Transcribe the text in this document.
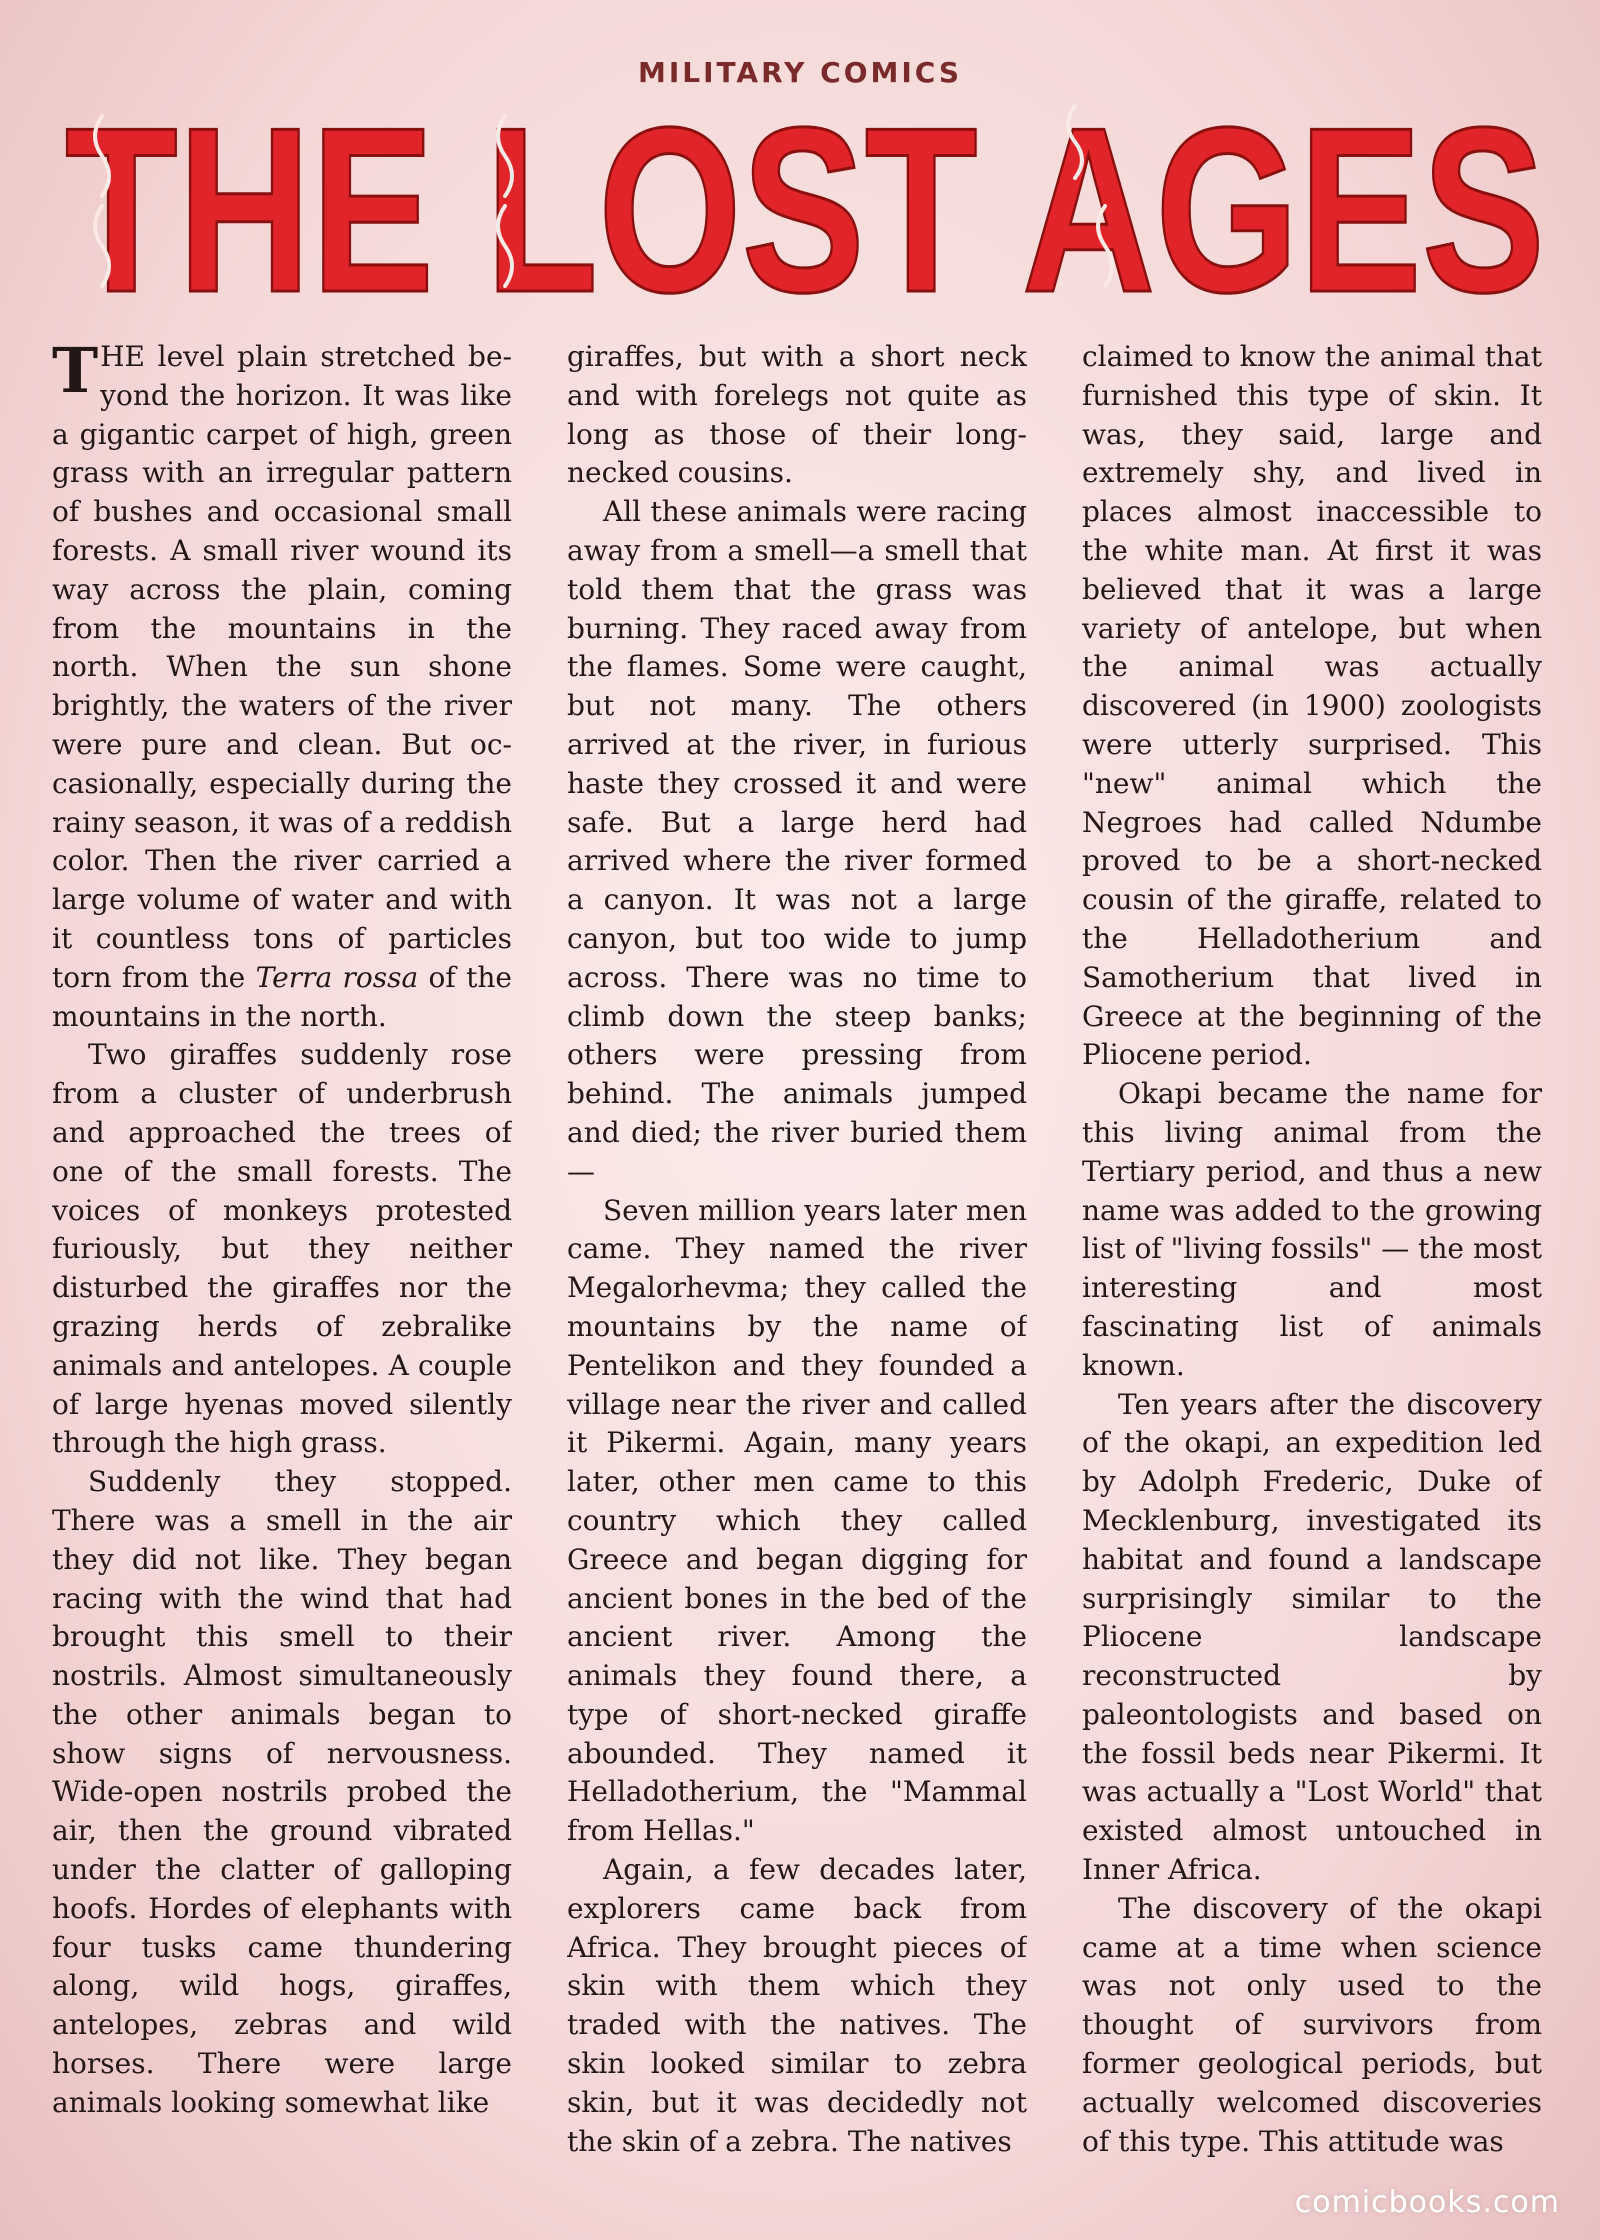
MILITARY COMICS
THE LOST AGES

THE level plain stretched beyond the horizon. It was like a gigantic carpet of high, green grass with an irregular pattern of bushes and occasional small forests. A small river wound its way across the plain, coming from the mountains in the north. When the sun shone brightly, the waters of the river were pure and clean. But occasionally, especially during the rainy season, it was of a reddish color. Then the river carried a large volume of water and with it countless tons of particles torn from the Terra rossa of the mountains in the north.

Two giraffes suddenly rose from a cluster of underbrush and approached the trees of one of the small forests. The voices of monkeys protested furiously, but they neither disturbed the giraffes nor the grazing herds of zebralike animals and antelopes. A couple of large hyenas moved silently through the high grass.

Suddenly they stopped. There was a smell in the air they did not like. They began racing with the wind that had brought this smell to their nostrils. Almost simultaneously the other animals began to show signs of nervousness. Wide-open nostrils probed the air, then the ground vibrated under the clatter of galloping hoofs. Hordes of elephants with four tusks came thundering along, wild hogs, giraffes, antelopes, zebras and wild horses. There were large animals looking somewhat like

giraffes, but with a short neck and with forelegs not quite as long as those of their long-necked cousins.

All these animals were racing away from a smell—a smell that told them that the grass was burning. They raced away from the flames. Some were caught, but not many. The others arrived at the river, in furious haste they crossed it and were safe. But a large herd had arrived where the river formed a canyon. It was not a large canyon, but too wide to jump across. There was no time to climb down the steep banks; others were pressing from behind. The animals jumped and died; the river buried them—

Seven million years later men came. They named the river Megalorhevma; they called the mountains by the name of Pentelikon and they founded a village near the river and called it Pikermi. Again, many years later, other men came to this country which they called Greece and began digging for ancient bones in the bed of the ancient river. Among the animals they found there, a type of short-necked giraffe abounded. They named it Helladotherium, the "Mammal from Hellas."

Again, a few decades later, explorers came back from Africa. They brought pieces of skin with them which they traded with the natives. The skin looked similar to zebra skin, but it was decidedly not the skin of a zebra. The natives

claimed to know the animal that furnished this type of skin. It was, they said, large and extremely shy, and lived in places almost inaccessible to the white man. At first it was believed that it was a large variety of antelope, but when the animal was actually discovered (in 1900) zoologists were utterly surprised. This "new" animal which the Negroes had called Ndumbe proved to be a short-necked cousin of the giraffe, related to the Helladotherium and Samotherium that lived in Greece at the beginning of the Pliocene period.

Okapi became the name for this living animal from the Tertiary period, and thus a new name was added to the growing list of "living fossils" — the most interesting and most fascinating list of animals known.

Ten years after the discovery of the okapi, an expedition led by Adolph Frederic, Duke of Mecklenburg, investigated its habitat and found a landscape surprisingly similar to the Pliocene landscape reconstructed by paleontologists and based on the fossil beds near Pikermi. It was actually a "Lost World" that existed almost untouched in Inner Africa.

The discovery of the okapi came at a time when science was not only used to the thought of survivors from former geological periods, but actually welcomed discoveries of this type. This attitude was

comicbooks.com
